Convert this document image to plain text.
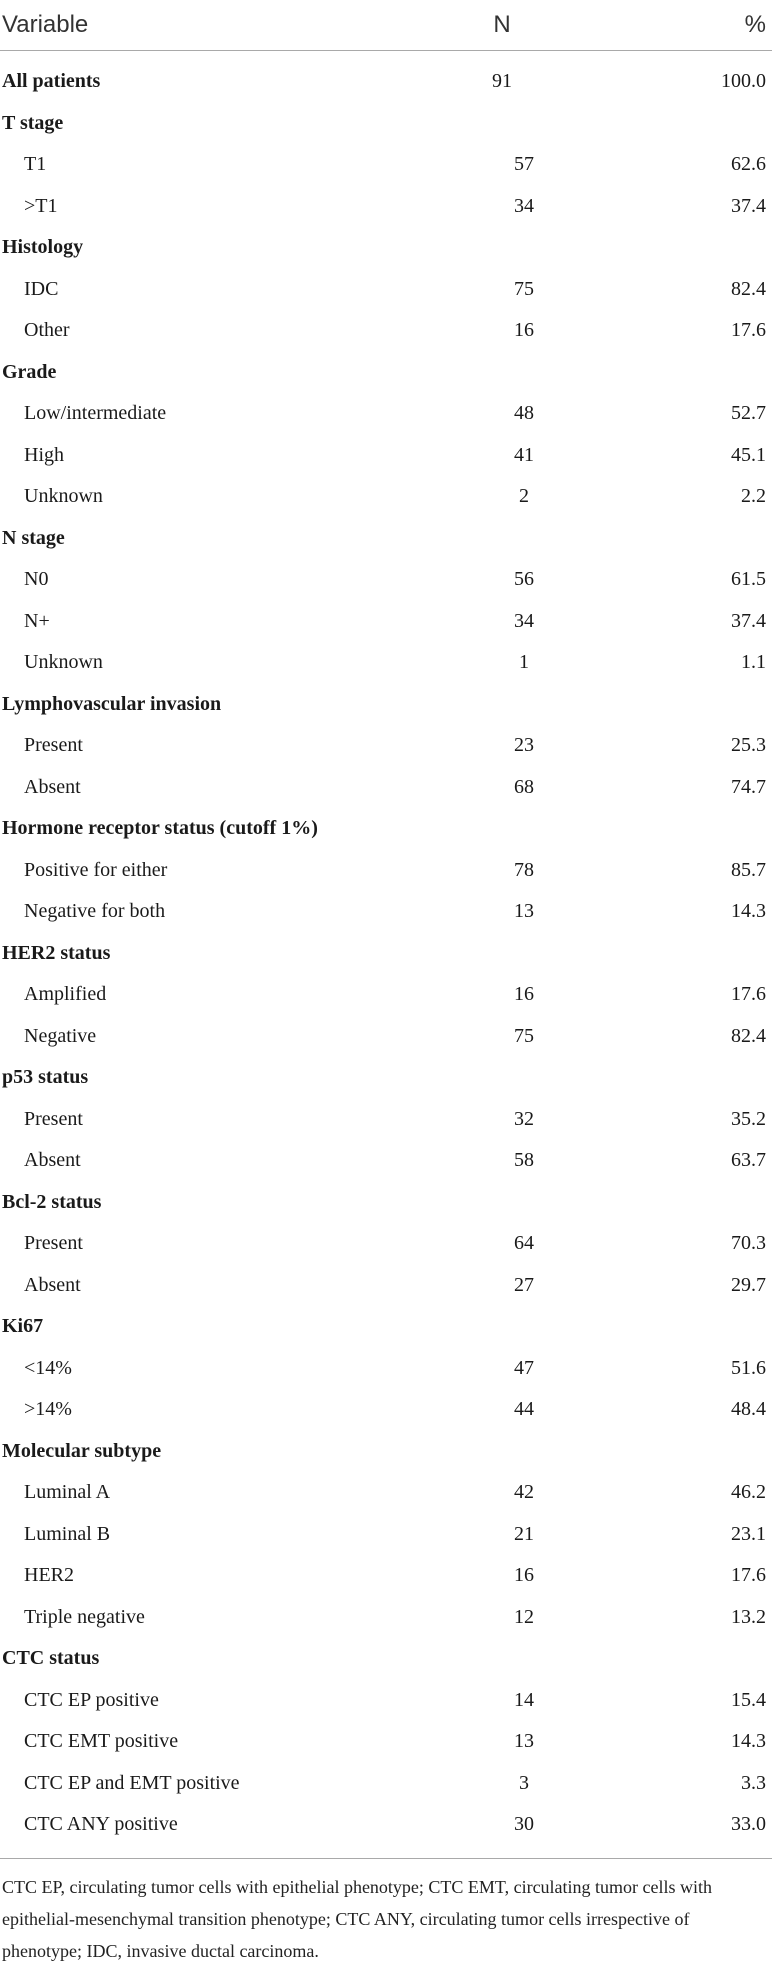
Variable	N	%
All patients	91	100.0
T stage
T1	57	62.6
>T1	34	37.4
Histology
IDC	75	82.4
Other	16	17.6
Grade
Low/intermediate	48	52.7
High	41	45.1
Unknown	2	2.2
N stage
N0	56	61.5
N+	34	37.4
Unknown	1	1.1
Lymphovascular invasion
Present	23	25.3
Absent	68	74.7
Hormone receptor status (cutoff 1%)
Positive for either	78	85.7
Negative for both	13	14.3
HER2 status
Amplified	16	17.6
Negative	75	82.4
p53 status
Present	32	35.2
Absent	58	63.7
Bcl-2 status
Present	64	70.3
Absent	27	29.7
Ki67
<14%	47	51.6
>14%	44	48.4
Molecular subtype
Luminal A	42	46.2
Luminal B	21	23.1
HER2	16	17.6
Triple negative	12	13.2
CTC status
CTC EP positive	14	15.4
CTC EMT positive	13	14.3
CTC EP and EMT positive	3	3.3
CTC ANY positive	30	33.0
CTC EP, circulating tumor cells with epithelial phenotype; CTC EMT, circulating tumor cells with epithelial-mesenchymal transition phenotype; CTC ANY, circulating tumor cells irrespective of phenotype; IDC, invasive ductal carcinoma.
